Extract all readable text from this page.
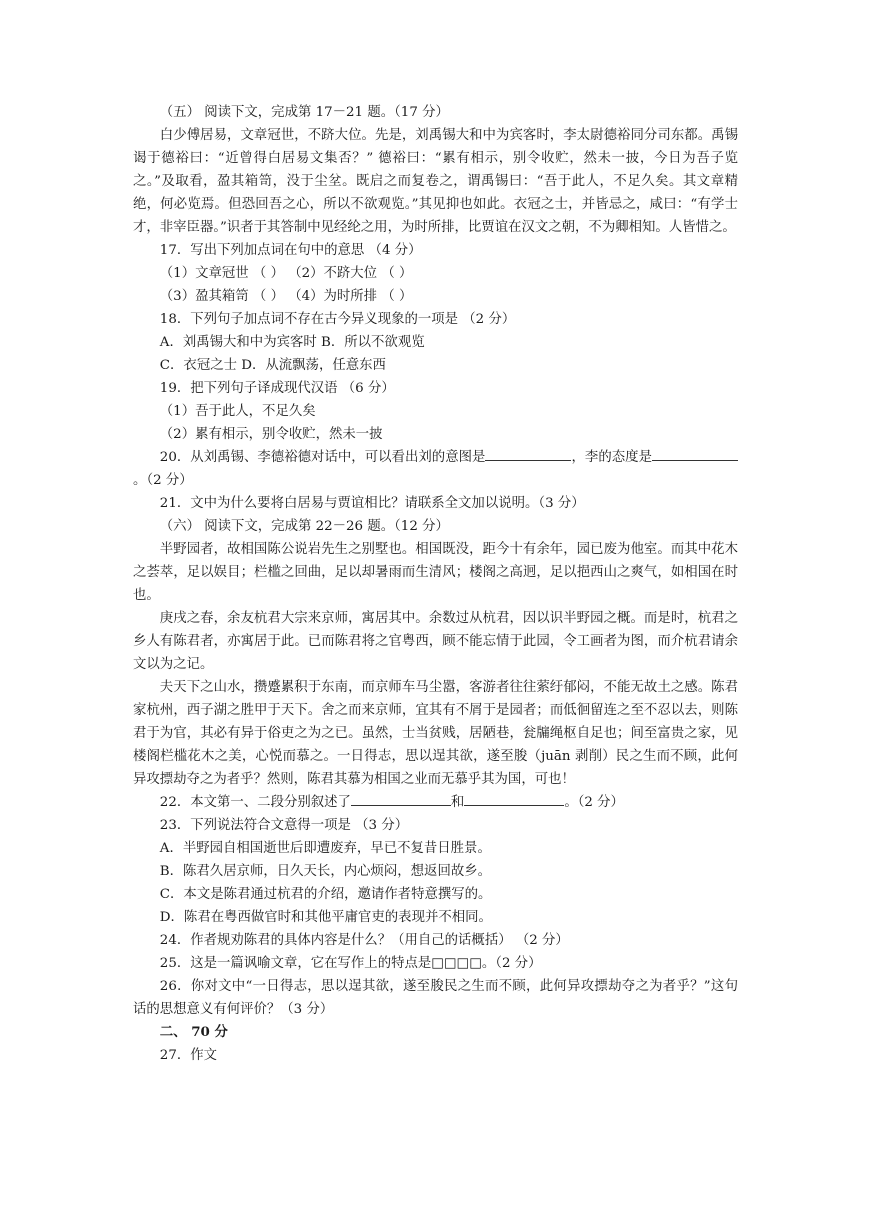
（五） 阅读下文，完成第 17－21 题。（17 分）

白少傅居易，文章冠世，不跻大位。先是，刘禹锡大和中为宾客时，李太尉德裕同分司东都。禹锡谒于德裕曰：“近曾得白居易文集否？” 德裕曰：“累有相示，别令收贮，然未一披，今日为吾子览之。”及取看，盈其箱笥，没于尘坌。既启之而复卷之，谓禹锡曰：“吾于此人，不足久矣。其文章精绝，何必览焉。但恐回吾之心，所以不欲观览。”其见抑也如此。衣冠之士，并皆忌之，咸曰：“有学士才，非宰臣器。”识者于其答制中见经纶之用，为时所排，比贾谊在汉文之朝，不为卿相知。人皆惜之。

17．写出下列加点词在句中的意思 （4 分）
（1）文章冠世 （ ） （2）不跻大位 （ ）
（3）盈其箱笥 （ ） （4）为时所排 （ ）
18．下列句子加点词不存在古今异义现象的一项是 （2 分）
A．刘禹锡大和中为宾客时 B．所以不欲观览
C．衣冠之士 D．从流飘荡，任意东西
19．把下列句子译成现代汉语 （6 分）
（1）吾于此人，不足久矣
（2）累有相示，别令收贮，然未一披

20．从刘禹锡、李德裕德对话中，可以看出刘的意图是	，李的态度是。（2 分）

21．文中为什么要将白居易与贾谊相比？请联系全文加以说明。（3 分）
（六） 阅读下文，完成第 22－26 题。（12 分）

半野园者，故相国陈公说岩先生之别墅也。相国既没，距今十有余年，园已废为他室。而其中花木之荟萃，足以娱目；栏槛之回曲，足以却暑雨而生清风；楼阁之高迥，足以挹西山之爽气，如相国在时也。

庚戌之春，余友杭君大宗来京师，寓居其中。余数过从杭君，因以识半野园之概。而是时，杭君之乡人有陈君者，亦寓居于此。已而陈君将之官粤西，顾不能忘情于此园，令工画者为图，而介杭君请余文以为之记。

夫天下之山水，攒蹙累积于东南，而京师车马尘嚣，客游者往往萦纡郁闷，不能无故土之感。陈君家杭州，西子湖之胜甲于天下。舍之而来京师，宜其有不屑于是园者；而低徊留连之至不忍以去，则陈君于为官，其必有异于俗吏之为之已。虽然，士当贫贱，居陋巷，瓮牖绳枢自足也；间至富贵之家，见楼阁栏槛花木之美，心悦而慕之。一日得志，思以逞其欲，遂至朘（juān 剥削）民之生而不顾，此何异攻摽劫夺之为者乎？然则，陈君其慕为相国之业而无慕乎其为国，可也！

22．本文第一、二段分别叙述了	和	。（2 分）
23．下列说法符合文意得一项是 （3 分）
A．半野园自相国逝世后即遭废弃，早已不复昔日胜景。
B．陈君久居京师，日久天长，内心烦闷，想返回故乡。
C．本文是陈君通过杭君的介绍，邀请作者特意撰写的。
D．陈君在粤西做官时和其他平庸官吏的表现并不相同。
24．作者规劝陈君的具体内容是什么？（用自己的话概括） （2 分）
25．这是一篇讽喻文章，它在写作上的特点是□□□□。（2 分）

26．你对文中“一日得志，思以逞其欲，遂至朘民之生而不顾，此何异攻摽劫夺之为者乎？”这句话的思想意义有何评价？（3 分）

二、 70 分
27．作文
